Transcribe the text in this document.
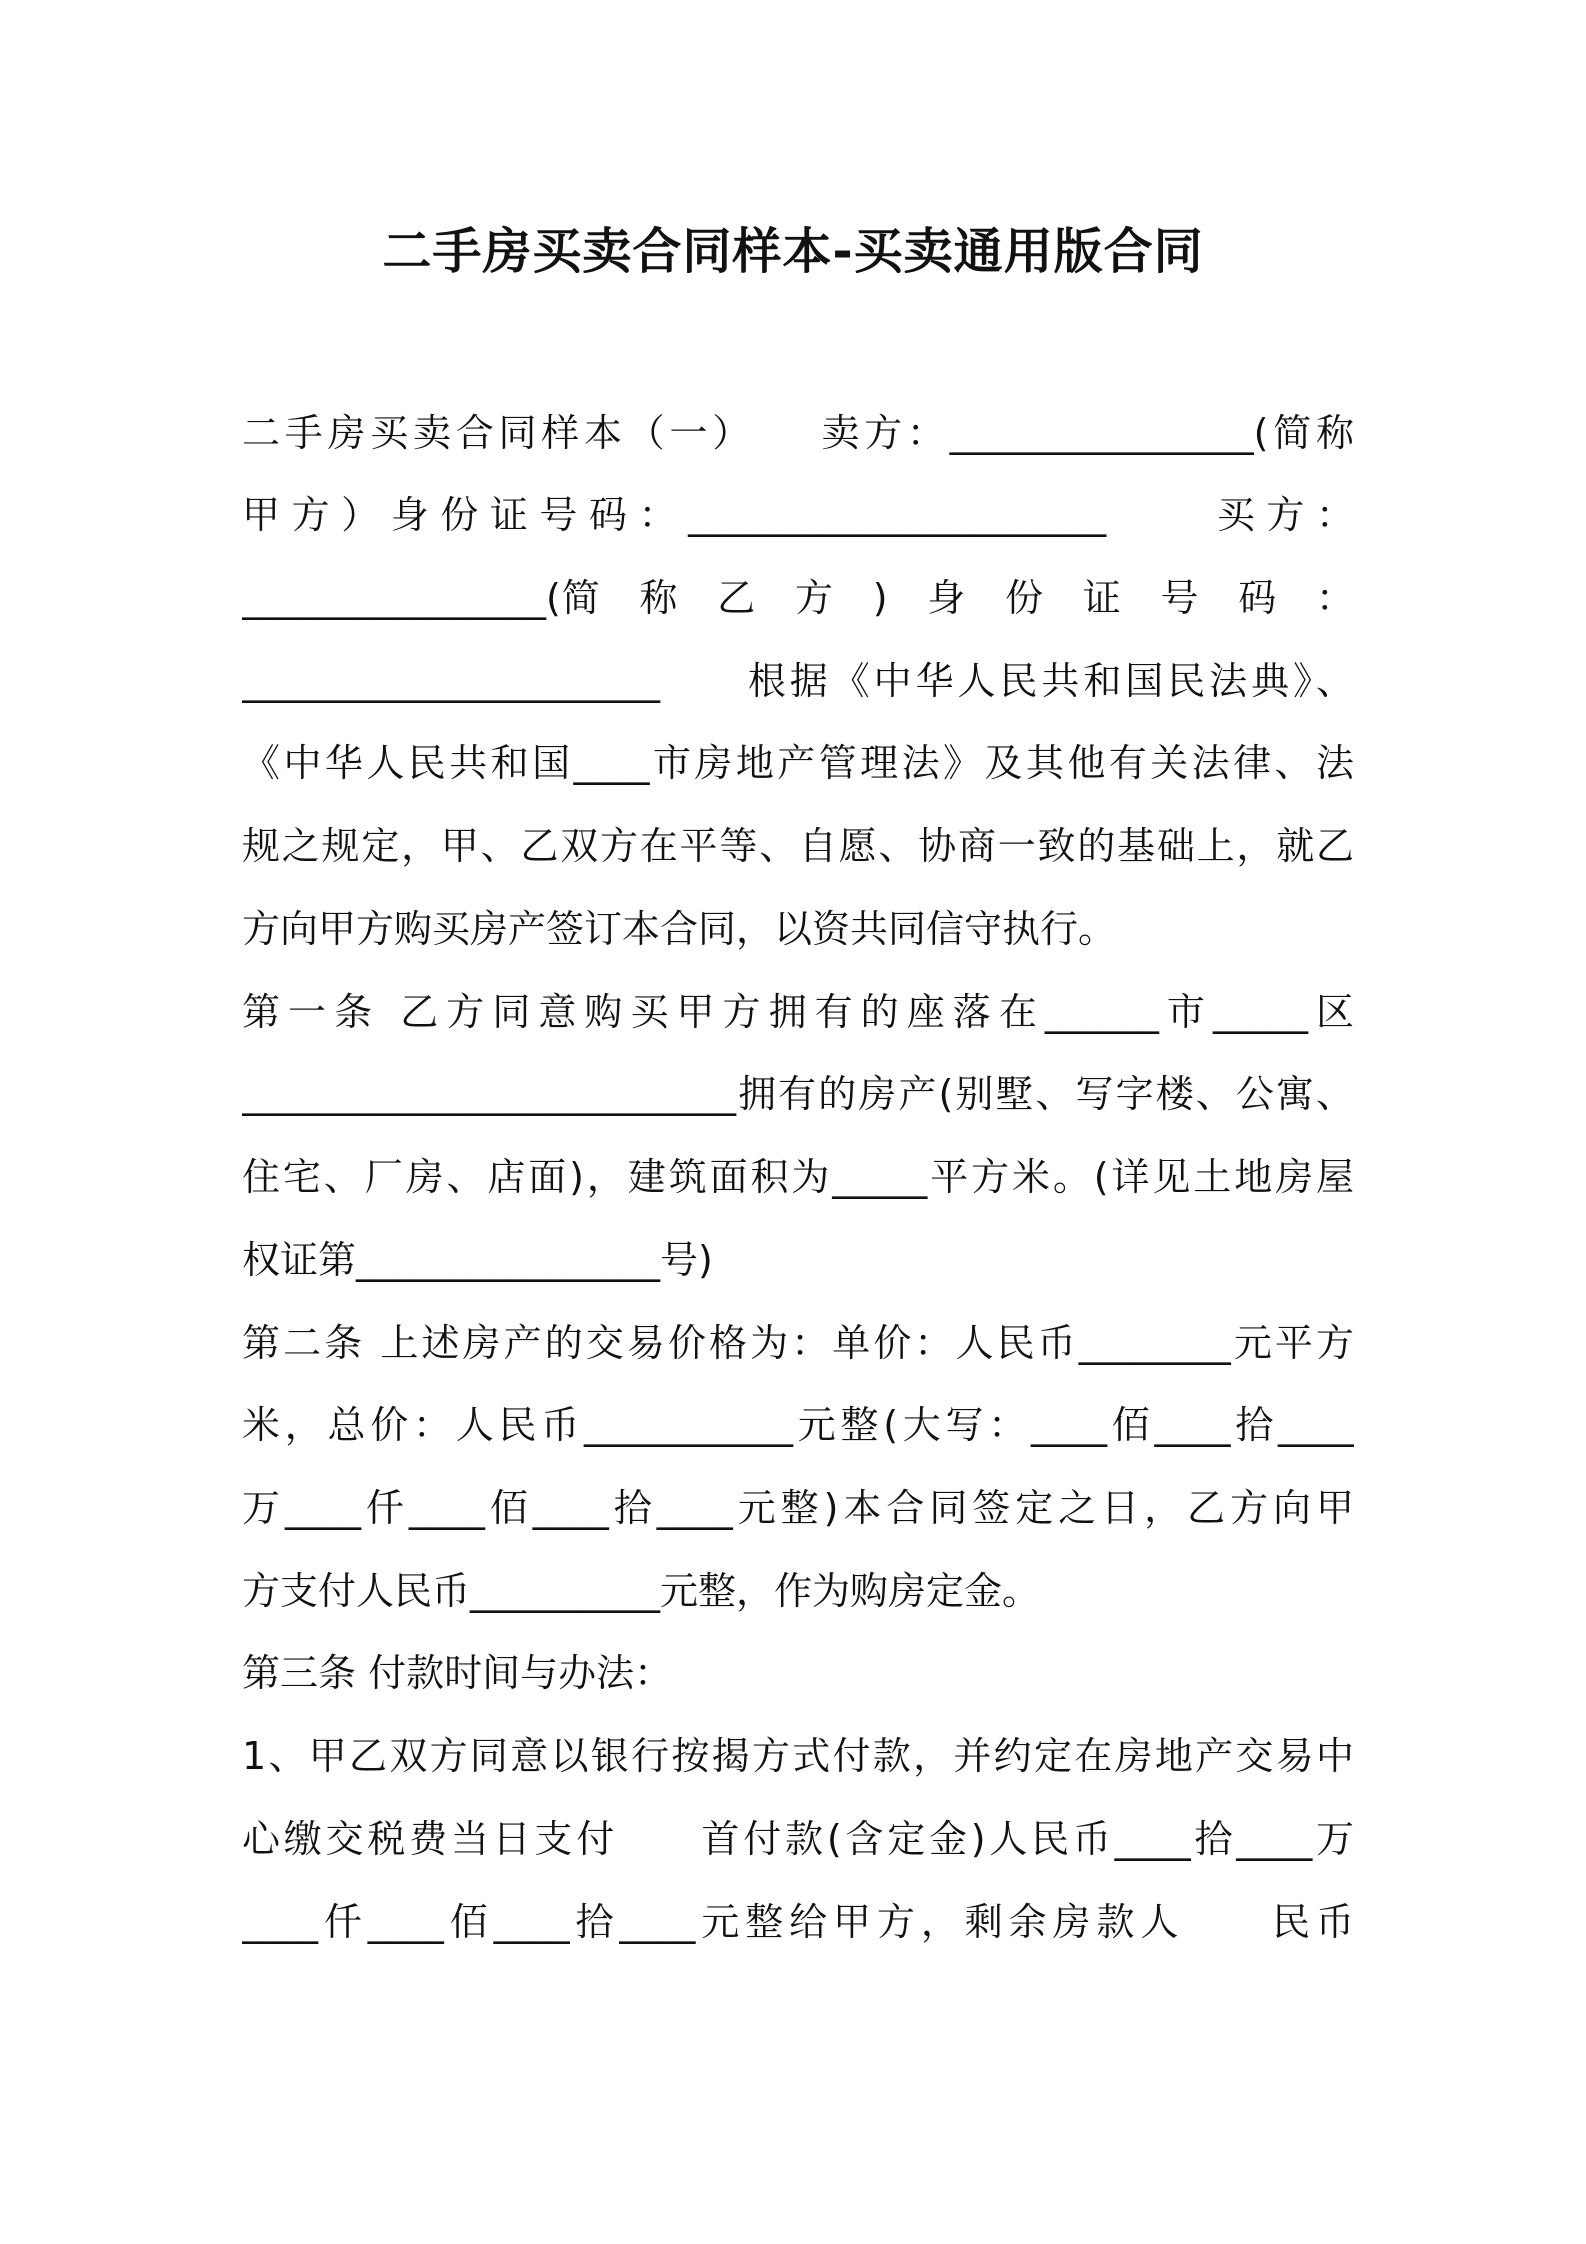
二手房买卖合同样本-买卖通用版合同

二手房买卖合同样本（一）　　卖方：________________(简称

甲方）身份证号码：______________________　　买方：

________________(简　称　乙　方　)　身　份　证　号　码　：

______________________　　根据《中华人民共和国民法典》、

《中华人民共和国____市房地产管理法》及其他有关法律、法

规之规定，甲、乙双方在平等、自愿、协商一致的基础上，就乙

方向甲方购买房产签订本合同，以资共同信守执行。

第一条 乙方同意购买甲方拥有的座落在______市_____区

__________________________拥有的房产(别墅、写字楼、公寓、

住宅、厂房、店面)，建筑面积为_____平方米。(详见土地房屋

权证第________________号)

第二条 上述房产的交易价格为：单价：人民币________元平方

米，总价：人民币___________元整(大写：____佰____拾____

万____仟____佰____拾____元整)本合同签定之日，乙方向甲

方支付人民币__________元整，作为购房定金。

第三条 付款时间与办法：

1、甲乙双方同意以银行按揭方式付款，并约定在房地产交易中

心缴交税费当日支付　　首付款(含定金)人民币____拾____万

____仟____佰____拾____元整给甲方，剩余房款人　　民币
